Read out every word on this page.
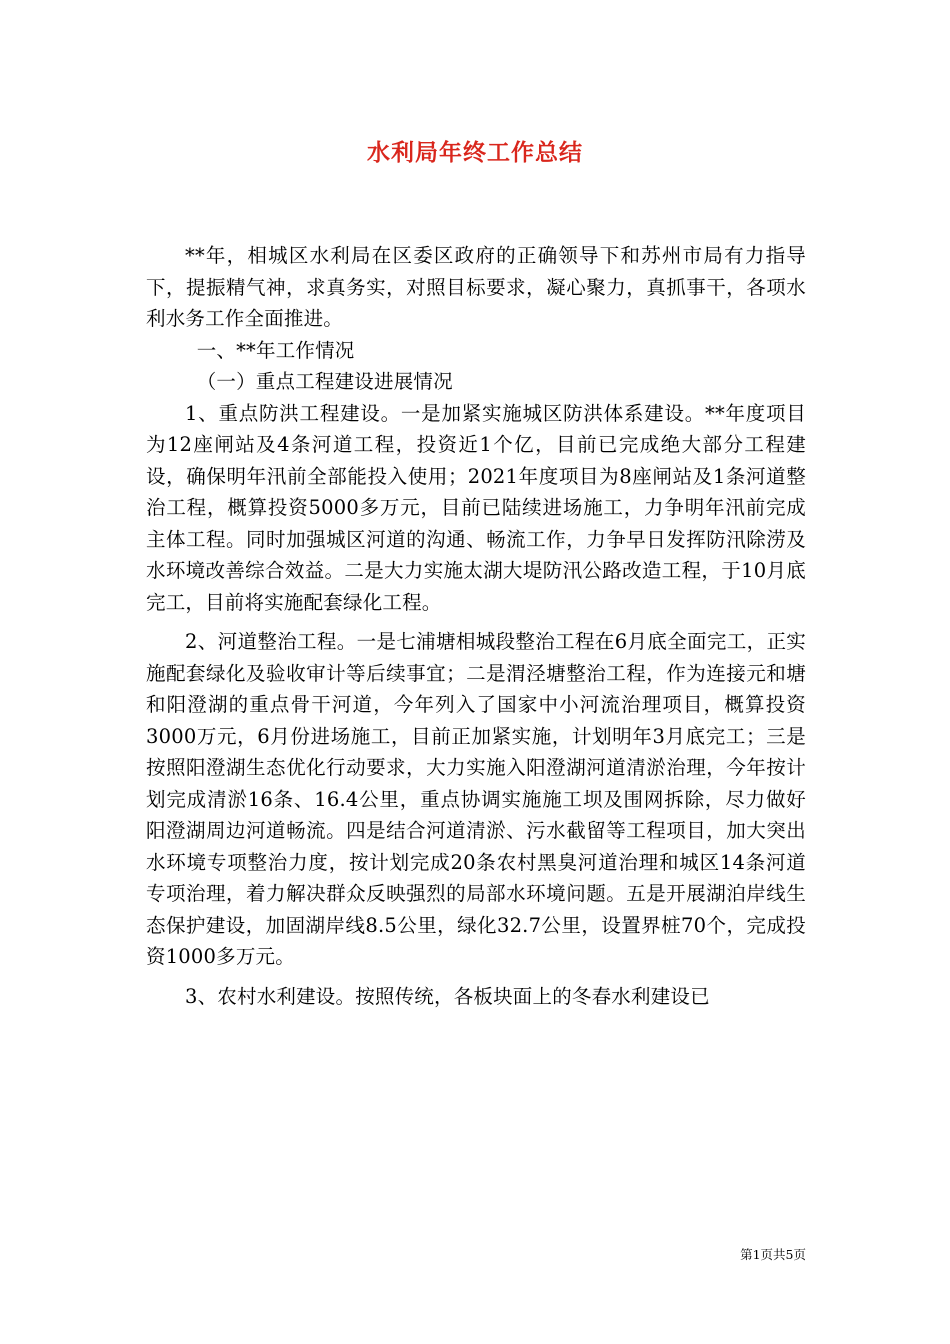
水利局年终工作总结

**年，相城区水利局在区委区政府的正确领导下和苏州市局有力指导下，提振精气神，求真务实，对照目标要求，凝心聚力，真抓事干，各项水利水务工作全面推进。

一、**年工作情况

（一）重点工程建设进展情况

1、重点防洪工程建设。一是加紧实施城区防洪体系建设。**年度项目为12座闸站及4条河道工程，投资近1个亿，目前已完成绝大部分工程建设，确保明年汛前全部能投入使用；2021年度项目为8座闸站及1条河道整治工程，概算投资5000多万元，目前已陆续进场施工，力争明年汛前完成主体工程。同时加强城区河道的沟通、畅流工作，力争早日发挥防汛除涝及水环境改善综合效益。二是大力实施太湖大堤防汛公路改造工程，于10月底完工，目前将实施配套绿化工程。

2、河道整治工程。一是七浦塘相城段整治工程在6月底全面完工，正实施配套绿化及验收审计等后续事宜；二是渭泾塘整治工程，作为连接元和塘和阳澄湖的重点骨干河道，今年列入了国家中小河流治理项目，概算投资3000万元，6月份进场施工，目前正加紧实施，计划明年3月底完工；三是按照阳澄湖生态优化行动要求，大力实施入阳澄湖河道清淤治理，今年按计划完成清淤16条、16.4公里，重点协调实施施工坝及围网拆除，尽力做好阳澄湖周边河道畅流。四是结合河道清淤、污水截留等工程项目，加大突出水环境专项整治力度，按计划完成20条农村黑臭河道治理和城区14条河道专项治理，着力解决群众反映强烈的局部水环境问题。五是开展湖泊岸线生态保护建设，加固湖岸线8.5公里，绿化32.7公里，设置界桩70个，完成投资1000多万元。

3、农村水利建设。按照传统，各板块面上的冬春水利建设已

第1页共5页
